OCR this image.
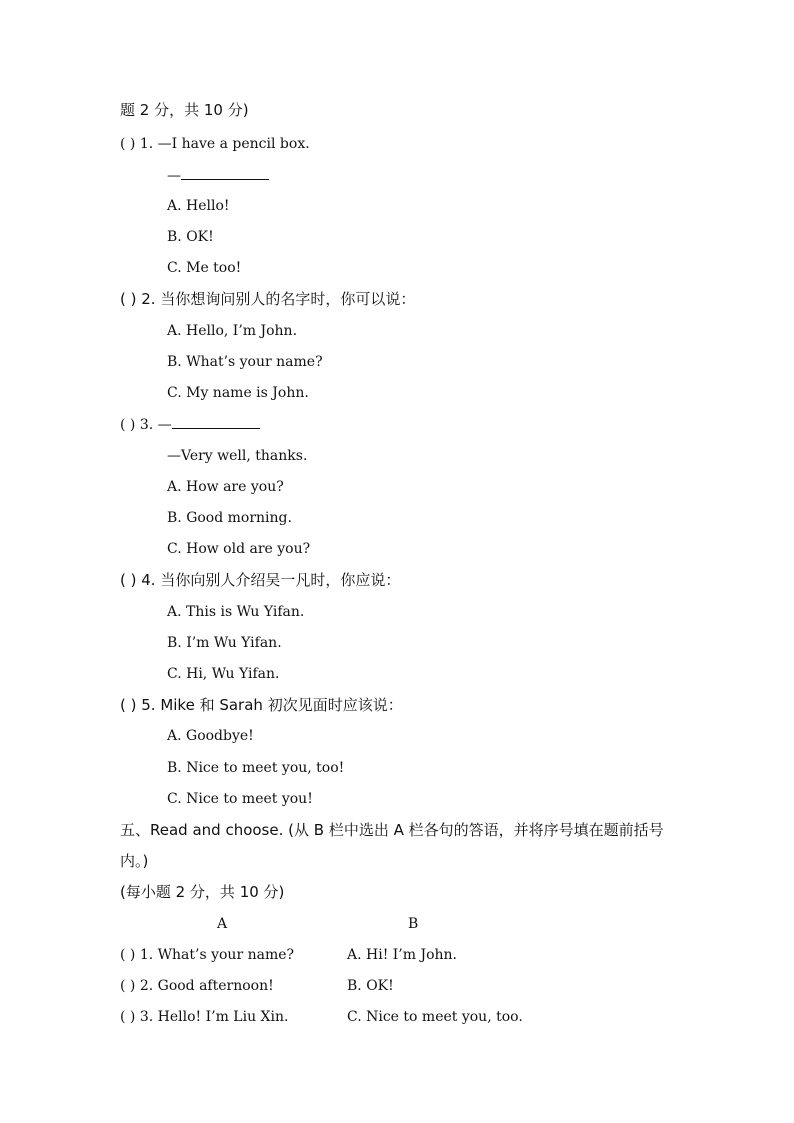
题 2 分，共 10 分)
( ) 1. —I have a pencil box.
—
A. Hello!
B. OK!
C. Me too!
( ) 2. 当你想询问别人的名字时，你可以说：
A. Hello, I’m John.
B. What’s your name?
C. My name is John.
( ) 3. —
—Very well, thanks.
A. How are you?
B. Good morning.
C. How old are you?
( ) 4. 当你向别人介绍吴一凡时，你应说：
A. This is Wu Yifan.
B. I’m Wu Yifan.
C. Hi, Wu Yifan.
( ) 5. Mike 和 Sarah 初次见面时应该说：
A. Goodbye!
B. Nice to meet you, too!
C. Nice to meet you!
五、Read and choose. (从 B 栏中选出 A 栏各句的答语，并将序号填在题前括号
内。)
(每小题 2 分，共 10 分)
A	B
( ) 1. What’s your name?	A. Hi! I’m John.
( ) 2. Good afternoon!	B. OK!
( ) 3. Hello! I’m Liu Xin.	C. Nice to meet you, too.
